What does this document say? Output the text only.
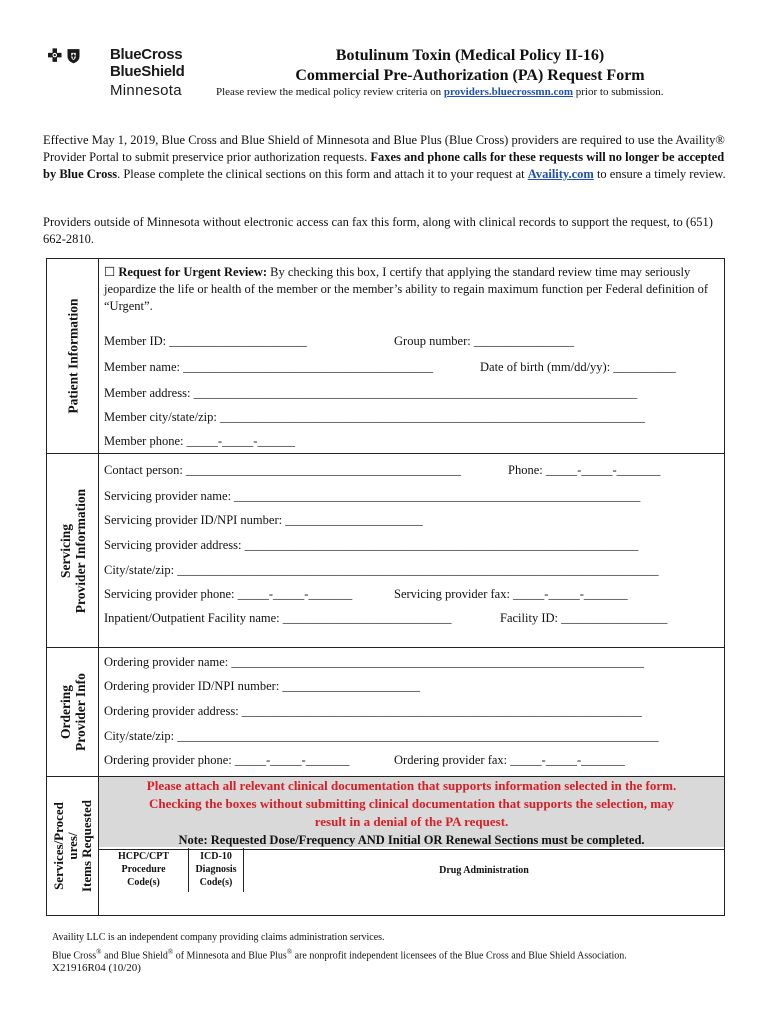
BlueCross
BlueShield
Minnesota
Botulinum Toxin (Medical Policy II-16)
Commercial Pre-Authorization (PA) Request Form
Please review the medical policy review criteria on providers.bluecrossmn.com prior to submission.
Effective May 1, 2019, Blue Cross and Blue Shield of Minnesota and Blue Plus (Blue Cross) providers are required to use the Availity® Provider Portal to submit preservice prior authorization requests. Faxes and phone calls for these requests will no longer be accepted by Blue Cross. Please complete the clinical sections on this form and attach it to your request at Availity.com to ensure a timely review.
Providers outside of Minnesota without electronic access can fax this form, along with clinical records to support the request, to (651) 662-2810.
Patient Information
Servicing Provider Information
Ordering Provider Info
Services/Proced ures/ Items Requested
☐ Request for Urgent Review: By checking this box, I certify that applying the standard review time may seriously jeopardize the life or health of the member or the member’s ability to regain maximum function per Federal definition of “Urgent”.
Member ID: ______________________	Group number: ________________
Member name: ________________________________________	Date of birth (mm/dd/yy): __________
Member address: _______________________________________________________________________
Member city/state/zip: ____________________________________________________________________
Member phone: _____-_____-______
Contact person: ____________________________________________	Phone: _____-_____-_______
Servicing provider name: _________________________________________________________________
Servicing provider ID/NPI number: ______________________
Servicing provider address: _______________________________________________________________
City/state/zip: _____________________________________________________________________________
Servicing provider phone: _____-_____-_______	Servicing provider fax: _____-_____-_______
Inpatient/Outpatient Facility name: ___________________________	Facility ID: _________________
Ordering provider name: __________________________________________________________________
Ordering provider ID/NPI number: ______________________
Ordering provider address: ________________________________________________________________
City/state/zip: _____________________________________________________________________________
Ordering provider phone: _____-_____-_______	Ordering provider fax: _____-_____-_______
Please attach all relevant clinical documentation that supports information selected in the form.
Checking the boxes without submitting clinical documentation that supports the selection, may
result in a denial of the PA request.
Note: Requested Dose/Frequency AND Initial OR Renewal Sections must be completed.
HCPC/CPT
Procedure
Code(s)
ICD-10
Diagnosis
Code(s)
Drug Administration
Availity LLC is an independent company providing claims administration services.
Blue Cross® and Blue Shield® of Minnesota and Blue Plus® are nonprofit independent licensees of the Blue Cross and Blue Shield Association.
X21916R04 (10/20)
